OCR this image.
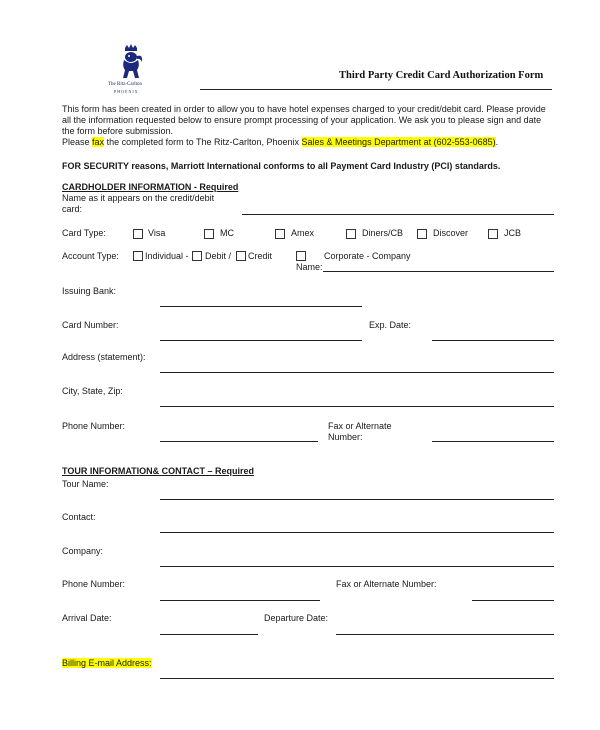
The Ritz-Carlton
PHOENIX
Third Party Credit Card Authorization Form
This form has been created in order to allow you to have hotel expenses charged to your credit/debit card. Please provide
all the information requested below to ensure prompt processing of your application. We ask you to please sign and date
the form before submission.
Please fax the completed form to The Ritz-Carlton, Phoenix Sales & Meetings Department at (602-553-0685).
FOR SECURITY reasons, Marriott International conforms to all Payment Card Industry (PCI) standards.
CARDHOLDER INFORMATION - Required
Name as it appears on the credit/debit
card:
Card Type:	Visa	MC	Amex	Diners/CB	Discover	JCB
Account Type:	Individual - Debit / Credit	Corporate - Company
Name:
Issuing Bank:
Card Number:	Exp. Date:
Address (statement):
City, State, Zip:
Phone Number:	Fax or Alternate
Number:
TOUR INFORMATION& CONTACT – Required
Tour Name:
Contact:
Company:
Phone Number:	Fax or Alternate Number:
Arrival Date:	Departure Date:
Billing E-mail Address:
